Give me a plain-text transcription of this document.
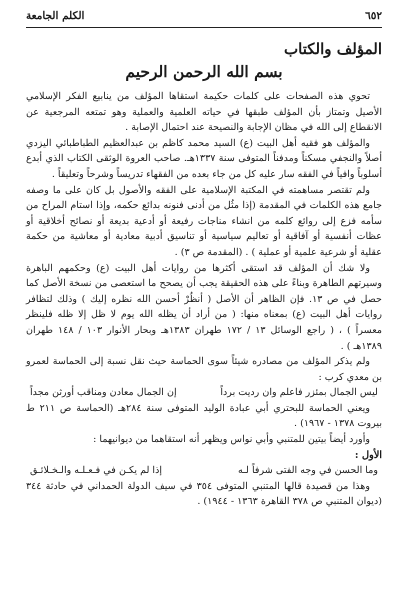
٦٥٢
الكلم الجامعة
المؤلف والكتاب
بسم الله الرحمن الرحيم

تحوي هذه الصفحات على كلمات حكيمة استقاها المؤلف من ينابيع الفكر الإسلامي الأصيل وتمتاز بأن المؤلف طبقها في حياته العلمية والعملية وهو تمتعه المرجعية عن الانقطاع إلى الله في مظان الإجابة والنصيحة عند احتمال الإصابة .

والمؤلف هو فقيه أهل البيت (ع) السيد محمد كاظم بن عبدالعظيم الطباطبائي اليزدي أصلاً والنجفي مسكناً ومدفناً المتوفى سنة ١٣٣٧هـ. صاحب العروة الوثقى الكتاب الذي أبدع أسلوباً وافياً في الفقه سار عليه كل من جاء بعده من الفقهاء تدريساً وشرحاً وتعليقاً .

ولم تقتصر مساهمته في المكتبة الإسلامية على الفقه والأصول بل كان على ما وصفه جامع هذه الكلمات في المقدمة (إذا مثُل من أدنى فنونه بدائع حكمه، وإذا استام المراح من سأمه فزع إلى روائع كلمه من انشاء مناجات رفيعة أو أدعية بديعة أو نصائح أخلاقية أو عظات أنفسية أو آفاقية أو تعاليم سياسية أو تناسيق أدبية معادية أو معاشية من حكمة عقلية أو شرعية علمية أو عملية ) . (المقدمة ص ٣) .

ولا شك أن المؤلف قد استقى أكثرها من روايات أهل البيت (ع) وحكمهم الباهرة وسيرتهم الطاهرة وبناءً على هذه الحقيقة يجب أن يصحح ما استعصى من نسخة الأصل كما حصل في ص ١٣. فإن الظاهر أن الأصل ( أنظُرْ أحسن الله نظره إليك ) وذلك لتظافر روايات أهل البيت (ع) بمعناه منها: ( من أراد أن يظله الله يوم لا ظل إلا ظله فلينظر معسراً ) ، ( راجع الوسائل ١٣ / ١٧٢ طهران ١٣٨٣هـ وبحار الأنوار ١٠٣ / ١٤٨ طهران ١٣٨٩هـ ) .

ولم يذكر المؤلف من مصادره شيئاً سوى الحماسة حيث نقل نسبة إلى الحماسة لعمرو بن معدي كرب :

ليس الجمال بمئزر فاعلم وان رديت برداً
إن الجمال معادن ومناقب أورثن مجداً

ويعني الحماسة للبحتري أبي عبادة الوليد المتوفى سنة ٢٨٤هـ (الحماسة ص ٢١١ ط بيروت ١٣٧٨ - ١٩٦٧) .

وأورد أيضاً بيتين للمتنبي وأبي نواس ويظهر أنه استقاهما من ديوانيهما :

الأول :
وما الحسن في وجه الفتى شرفاً لـه
إذا لم يكـن في فـعـلـه والـخـلائـق

وهذا من قصيدة قالها المتنبي المتوفى ٣٥٤ في سيف الدولة الحمداني في حادثة ٣٤٤ (ديوان المتنبي ص ٣٧٨ القاهرة ١٣٦٣ - ١٩٤٤) .
